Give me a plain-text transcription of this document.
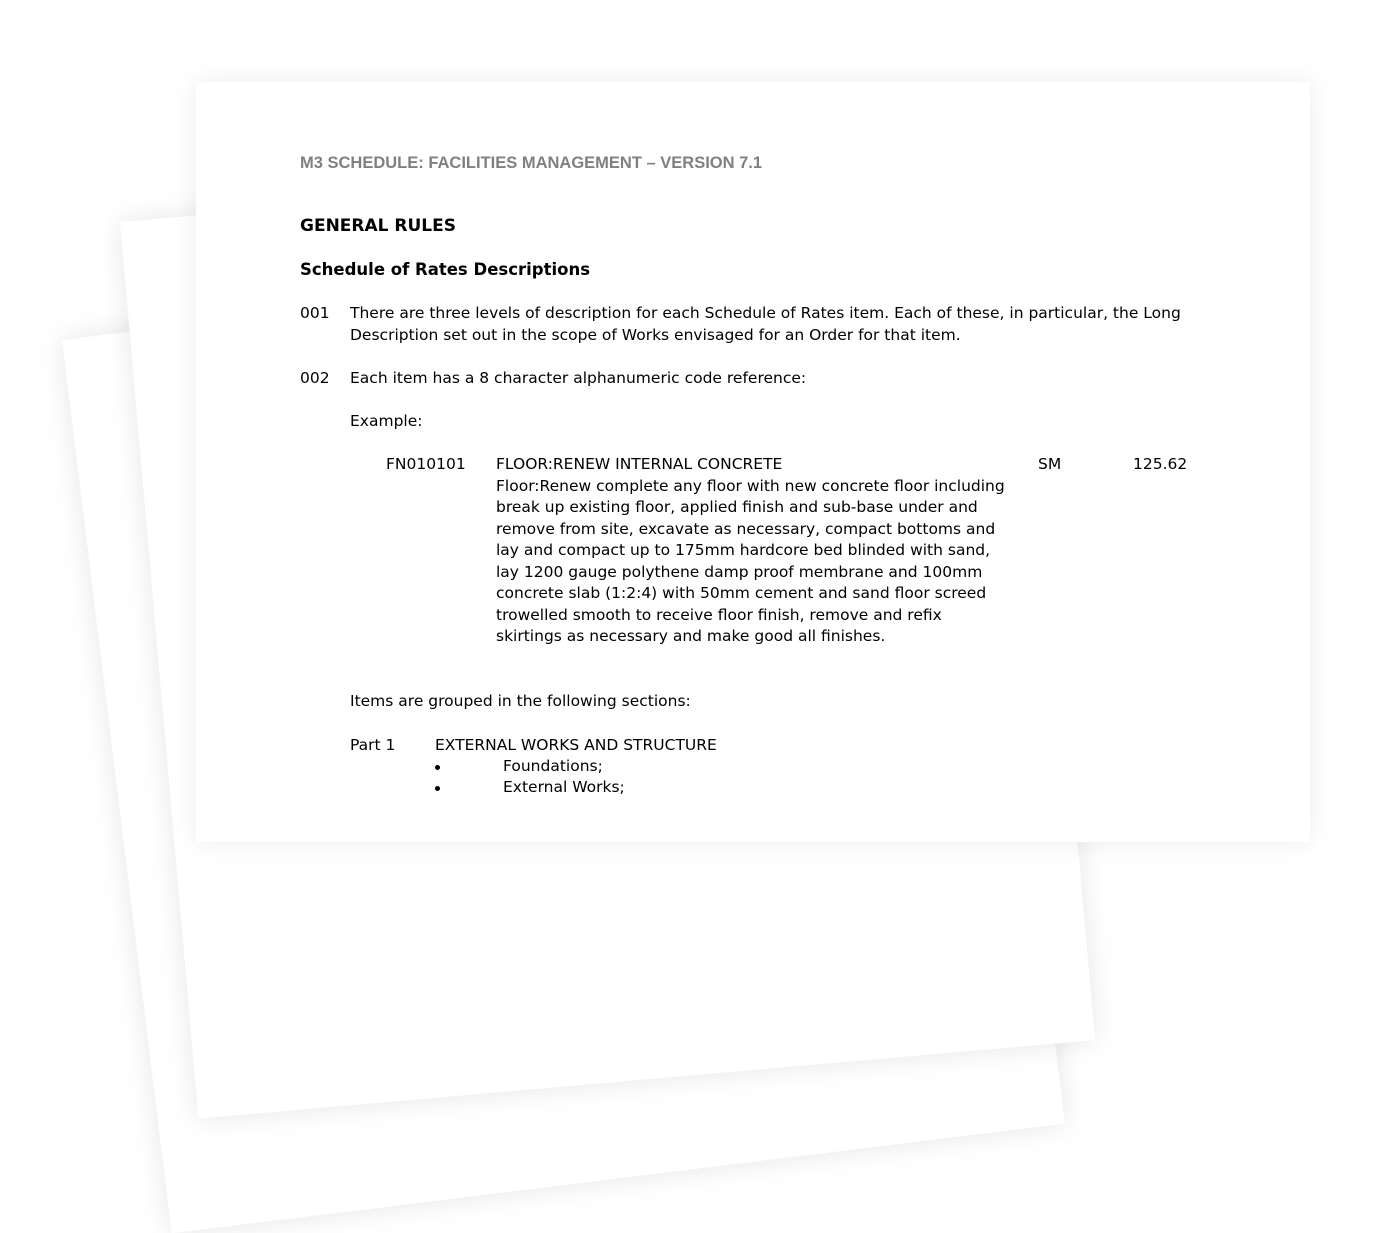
M3 SCHEDULE: FACILITIES MANAGEMENT – VERSION 7.1
GENERAL RULES
Schedule of Rates Descriptions
001 There are three levels of description for each Schedule of Rates item. Each of these, in particular, the Long
Description set out in the scope of Works envisaged for an Order for that item.
002 Each item has a 8 character alphanumeric code reference:
Example:
FN010101 FLOOR:RENEW INTERNAL CONCRETE
Floor:Renew complete any floor with new concrete floor including
break up existing floor, applied finish and sub-base under and
remove from site, excavate as necessary, compact bottoms and
lay and compact up to 175mm hardcore bed blinded with sand,
lay 1200 gauge polythene damp proof membrane and 100mm
concrete slab (1:2:4) with 50mm cement and sand floor screed
trowelled smooth to receive floor finish, remove and refix
skirtings as necessary and make good all finishes.
SM	125.62
Items are grouped in the following sections:
Part 1	EXTERNAL WORKS AND STRUCTURE
Foundations;
External Works;
